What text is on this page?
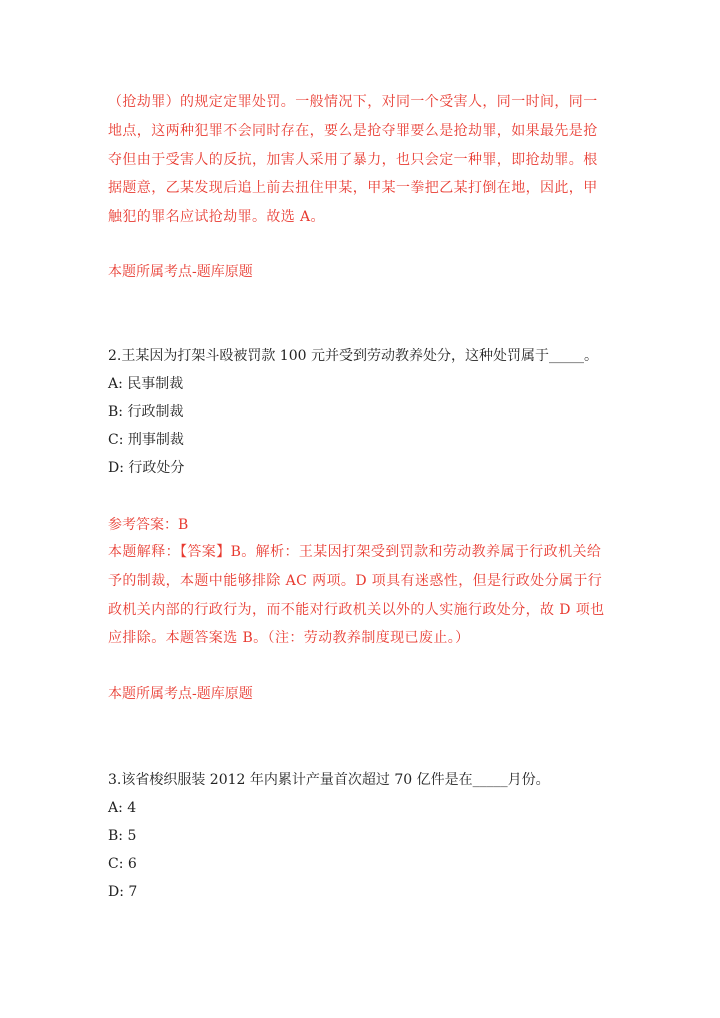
（抢劫罪）的规定定罪处罚。一般情况下，对同一个受害人，同一时间，同一地点，这两种犯罪不会同时存在，要么是抢夺罪要么是抢劫罪，如果最先是抢夺但由于受害人的反抗，加害人采用了暴力，也只会定一种罪，即抢劫罪。根据题意，乙某发现后追上前去扭住甲某，甲某一拳把乙某打倒在地，因此，甲触犯的罪名应试抢劫罪。故选 A。

本题所属考点-题库原题
2.王某因为打架斗殴被罚款 100 元并受到劳动教养处分，这种处罚属于_____。
A: 民事制裁
B: 行政制裁
C: 刑事制裁
D: 行政处分
参考答案：B

本题解释：【答案】B。解析：王某因打架受到罚款和劳动教养属于行政机关给予的制裁，本题中能够排除 AC 两项。D 项具有迷惑性，但是行政处分属于行政机关内部的行政行为，而不能对行政机关以外的人实施行政处分，故 D 项也应排除。本题答案选 B。（注：劳动教养制度现已废止。）

本题所属考点-题库原题
3.该省梭织服装 2012 年内累计产量首次超过 70 亿件是在_____月份。
A: 4
B: 5
C: 6
D: 7
